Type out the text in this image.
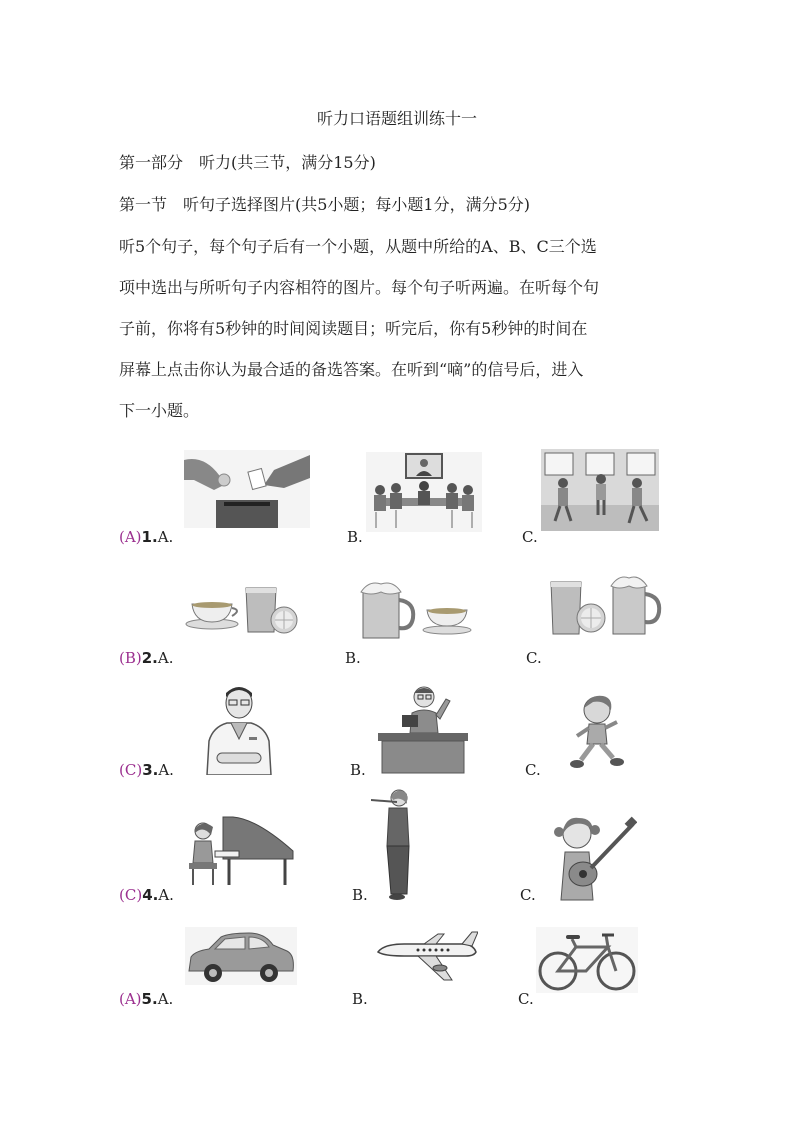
听力口语题组训练十一
第一部分　听力(共三节，满分15分)
第一节　听句子选择图片(共5小题；每小题1分，满分5分)
听5个句子，每个句子后有一个小题，从题中所给的A、B、C三个选
项中选出与所听句子内容相符的图片。每个句子听两遍。在听每个句
子前，你将有5秒钟的时间阅读题目；听完后，你有5秒钟的时间在
屏幕上点击你认为最合适的备选答案。在听到“嘀”的信号后，进入
下一小题。
(A)1.A.	B.	C.
(B)2.A.	B.	C.
(C)3.A.	B.	C.
(C)4.A.	B.	C.
(A)5.A.	B.	C.
